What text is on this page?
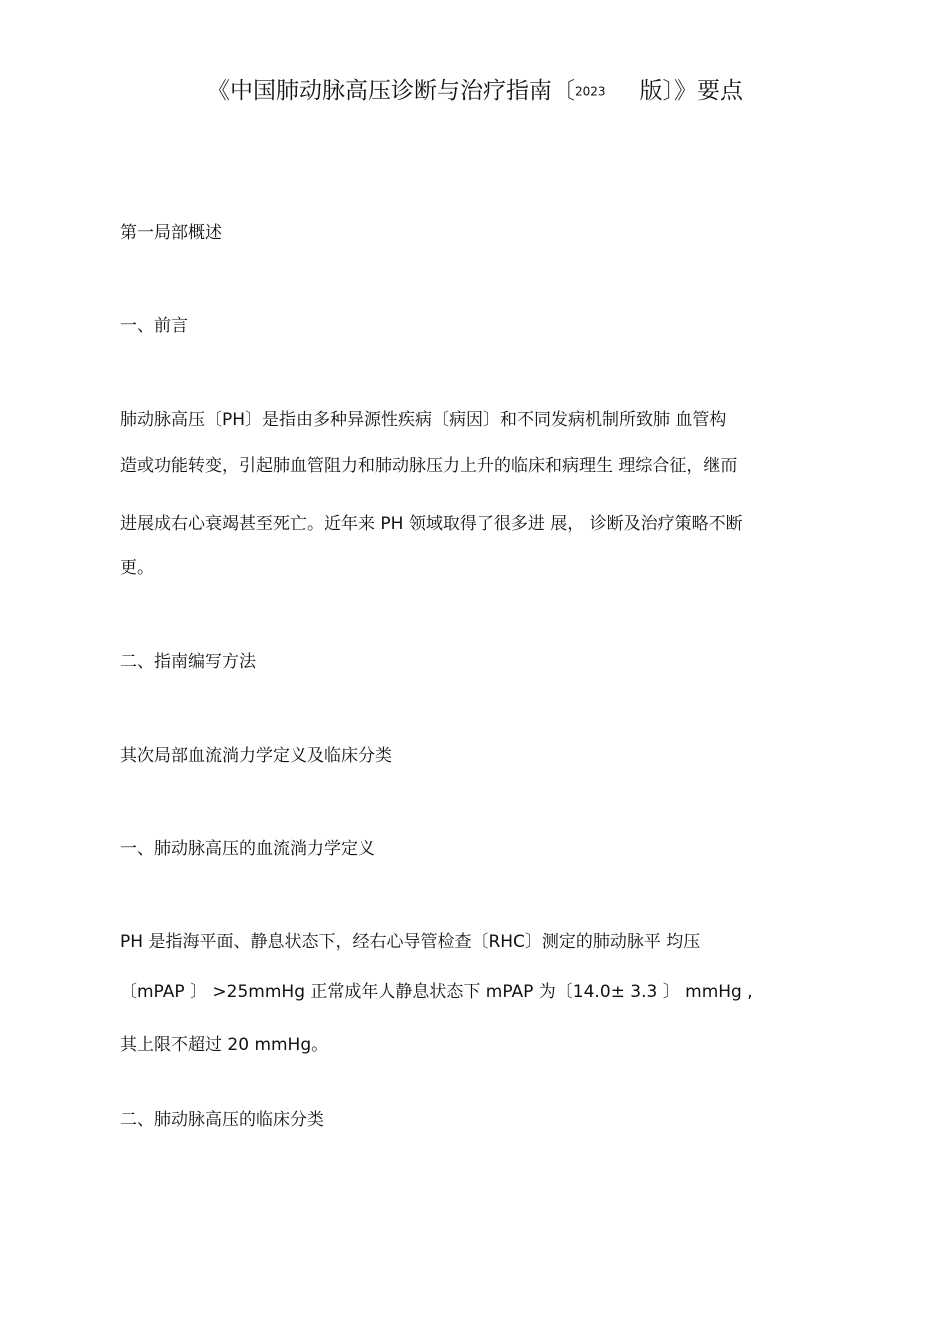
《中国肺动脉高压诊断与治疗指南〔2023 版〕》要点
第一局部概述
一、前言
肺动脉高压〔PH〕是指由多种异源性疾病〔病因〕和不同发病机制所致肺 血管构
造或功能转变，引起肺血管阻力和肺动脉压力上升的临床和病理生 理综合征，继而
进展成右心衰竭甚至死亡。近年来 PH 领域取得了很多进 展， 诊断及治疗策略不断
更。
二、指南编写方法
其次局部血流淌力学定义及临床分类
一、肺动脉高压的血流淌力学定义
PH 是指海平面、静息状态下，经右心导管检查〔RHC〕测定的肺动脉平 均压
〔mPAP 〕 >25mmHg 正常成年人静息状态下 mPAP 为〔14.0± 3.3 〕 mmHg ,
其上限不超过 20 mmHg。
二、肺动脉高压的临床分类
